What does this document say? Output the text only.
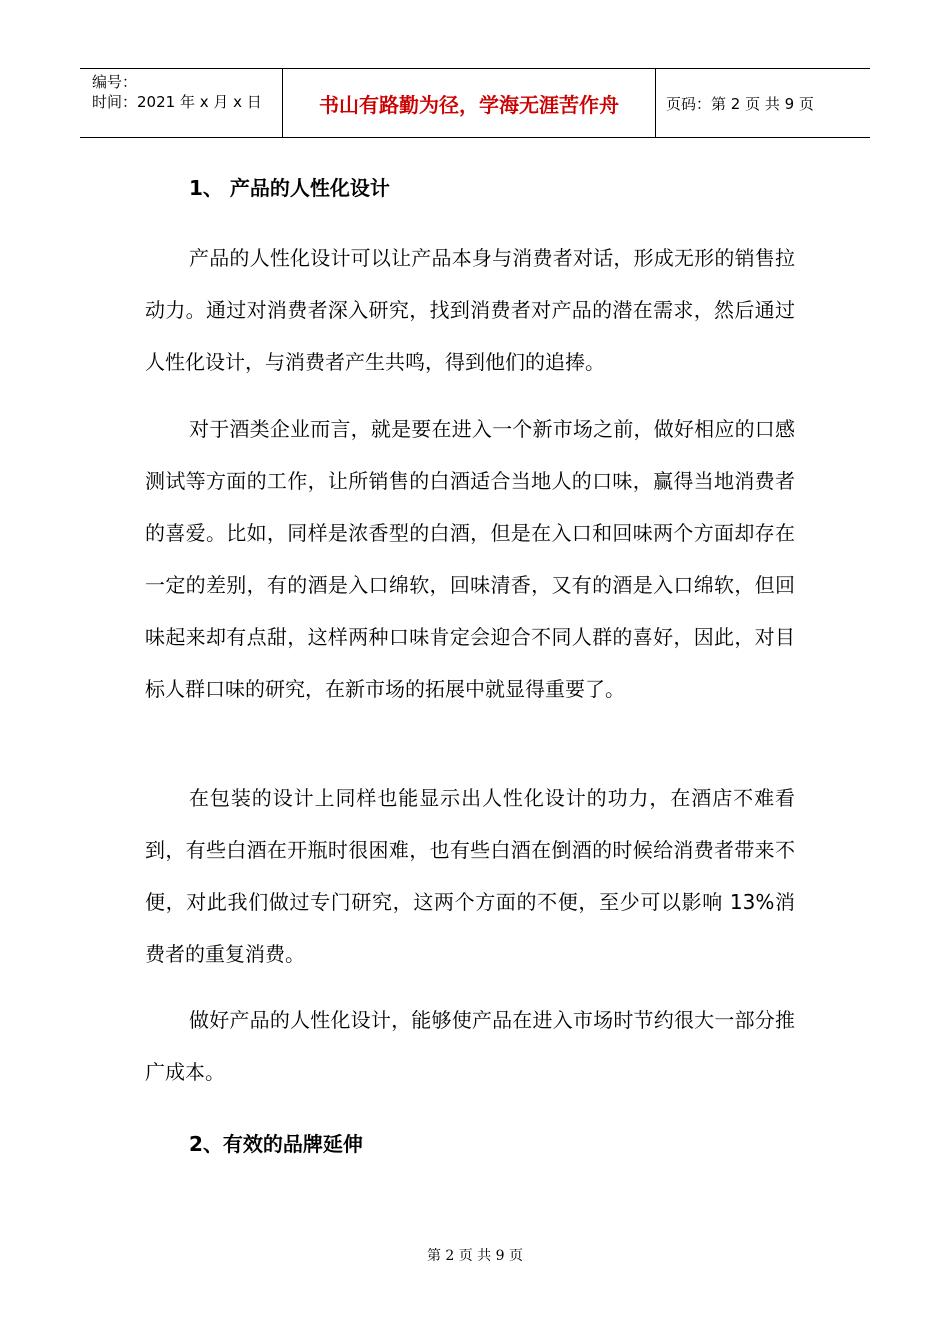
编号：
时间：2021 年 x 月 x 日	书山有路勤为径，学海无涯苦作舟	页码：第 2 页 共 9 页
1、 产品的人性化设计

产品的人性化设计可以让产品本身与消费者对话，形成无形的销售拉动力。通过对消费者深入研究，找到消费者对产品的潜在需求，然后通过人性化设计，与消费者产生共鸣，得到他们的追捧。

对于酒类企业而言，就是要在进入一个新市场之前，做好相应的口感测试等方面的工作，让所销售的白酒适合当地人的口味，赢得当地消费者的喜爱。比如，同样是浓香型的白酒，但是在入口和回味两个方面却存在一定的差别，有的酒是入口绵软，回味清香，又有的酒是入口绵软，但回味起来却有点甜，这样两种口味肯定会迎合不同人群的喜好，因此，对目标人群口味的研究，在新市场的拓展中就显得重要了。

在包装的设计上同样也能显示出人性化设计的功力，在酒店不难看到，有些白酒在开瓶时很困难，也有些白酒在倒酒的时候给消费者带来不便，对此我们做过专门研究，这两个方面的不便，至少可以影响 13%消费者的重复消费。

做好产品的人性化设计，能够使产品在进入市场时节约很大一部分推广成本。

2、有效的品牌延伸
第 2 页 共 9 页
